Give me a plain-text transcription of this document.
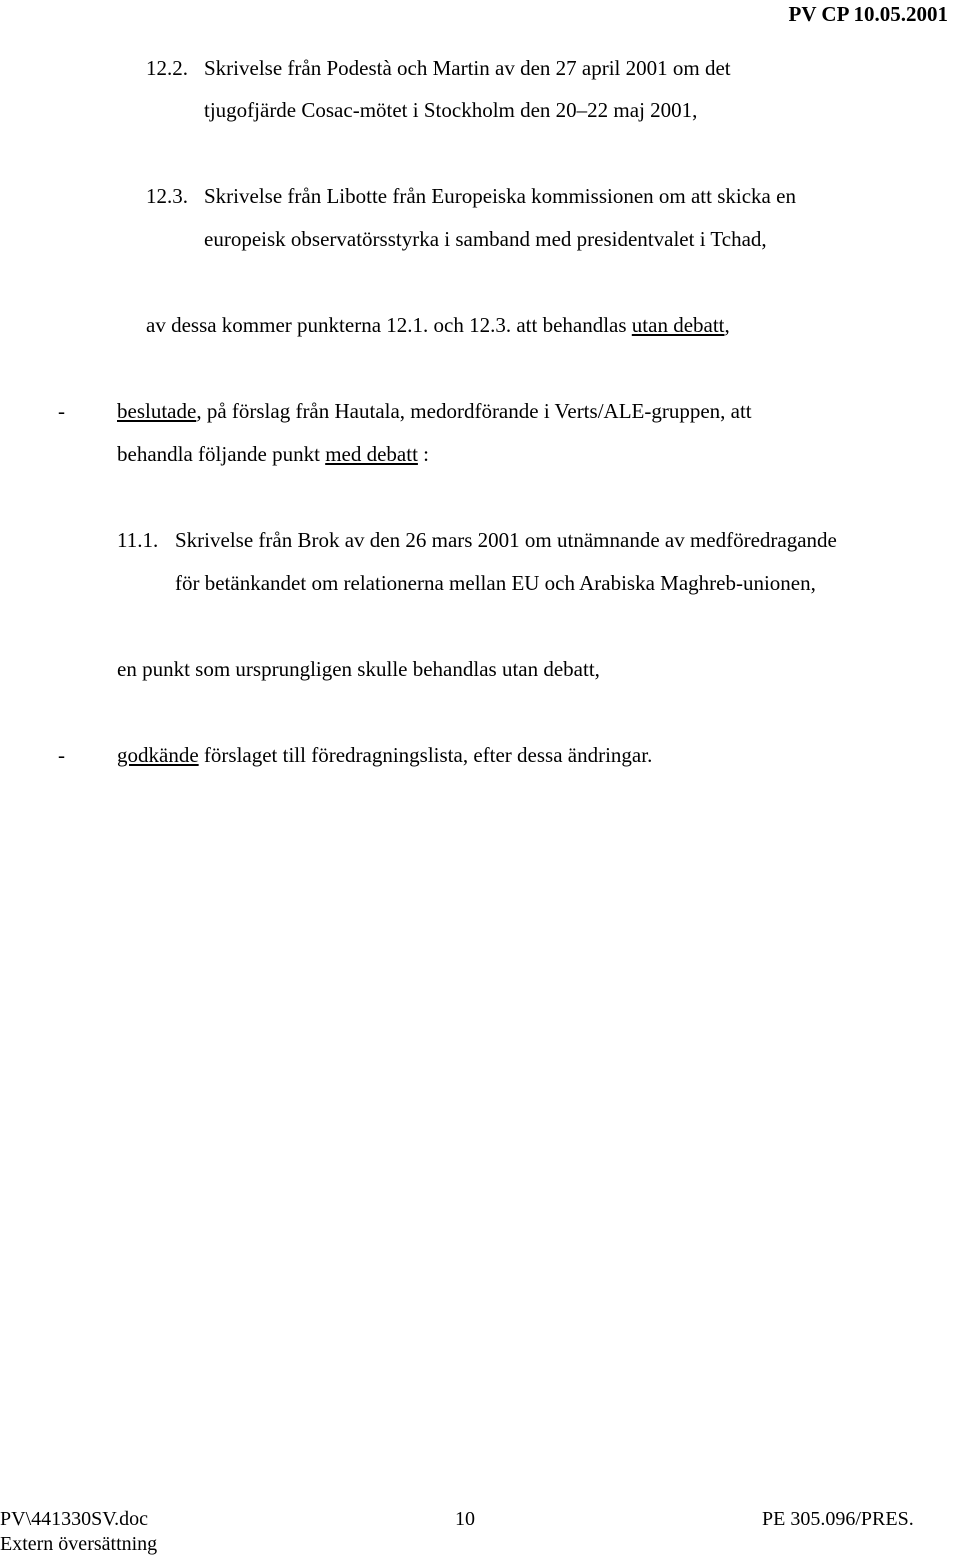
PV CP 10.05.2001
12.2. Skrivelse från Podestà och Martin av den 27 april 2001 om det
tjugofjärde Cosac-mötet i Stockholm den 20–22 maj 2001,
12.3. Skrivelse från Libotte från Europeiska kommissionen om att skicka en
europeisk observatörsstyrka i samband med presidentvalet i Tchad,
av dessa kommer punkterna 12.1. och 12.3. att behandlas utan debatt,
- beslutade, på förslag från Hautala, medordförande i Verts/ALE-gruppen, att
behandla följande punkt med debatt :
11.1. Skrivelse från Brok av den 26 mars 2001 om utnämnande av medföredragande
för betänkandet om relationerna mellan EU och Arabiska Maghreb-unionen,
en punkt som ursprungligen skulle behandlas utan debatt,
- godkände förslaget till föredragningslista, efter dessa ändringar.
PV\441330SV.doc	10	PE 305.096/PRES.
Extern översättning
